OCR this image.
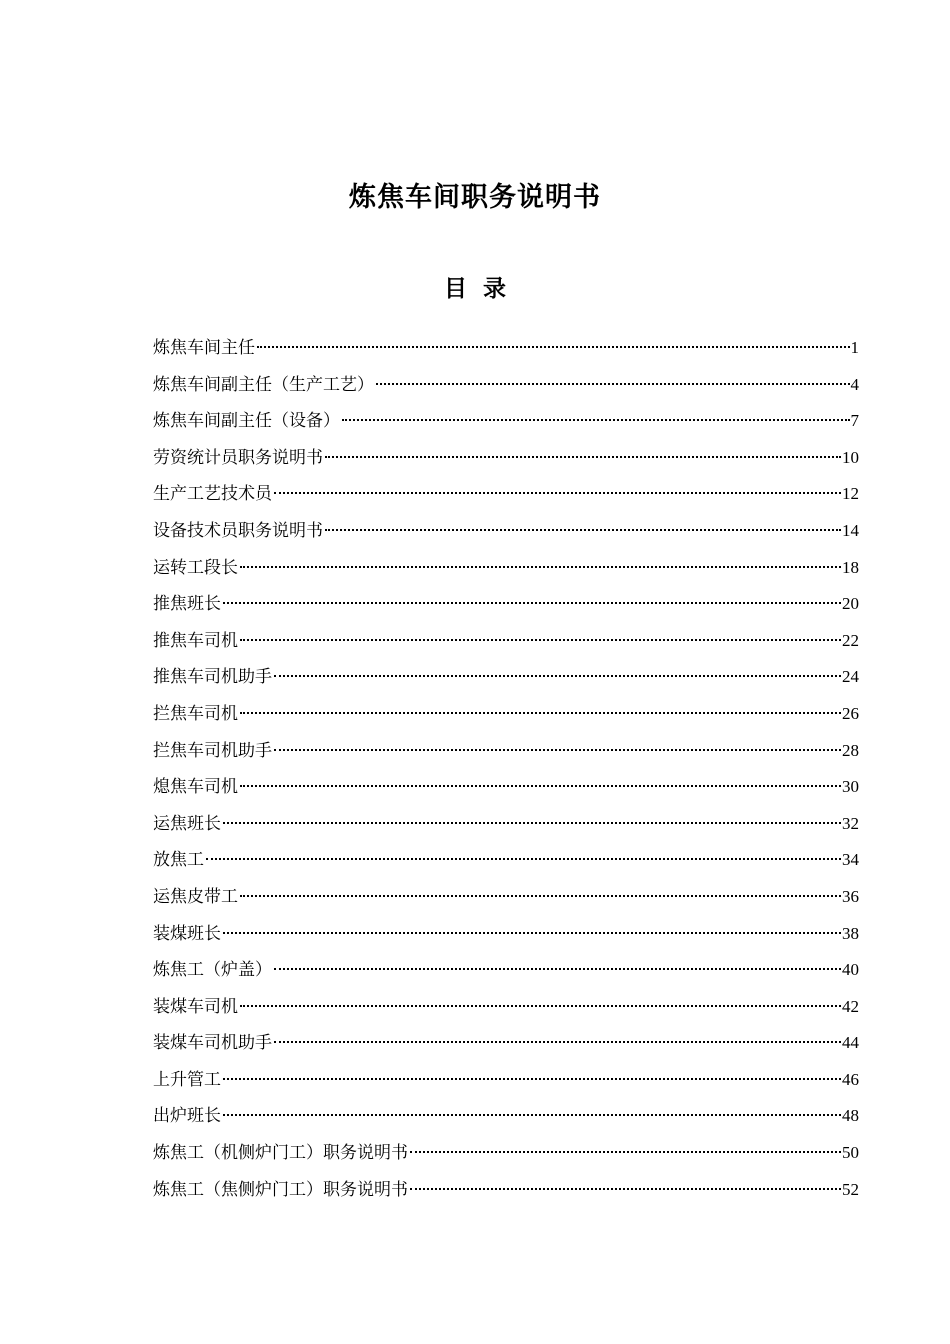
炼焦车间职务说明书
目 录
炼焦车间主任	1
炼焦车间副主任（生产工艺）	4
炼焦车间副主任（设备）	7
劳资统计员职务说明书	10
生产工艺技术员	12
设备技术员职务说明书	14
运转工段长	18
推焦班长	20
推焦车司机	22
推焦车司机助手	24
拦焦车司机	26
拦焦车司机助手	28
熄焦车司机	30
运焦班长	32
放焦工	34
运焦皮带工	36
装煤班长	38
炼焦工（炉盖）	40
装煤车司机	42
装煤车司机助手	44
上升管工	46
出炉班长	48
炼焦工（机侧炉门工）职务说明书	50
炼焦工（焦侧炉门工）职务说明书	52
